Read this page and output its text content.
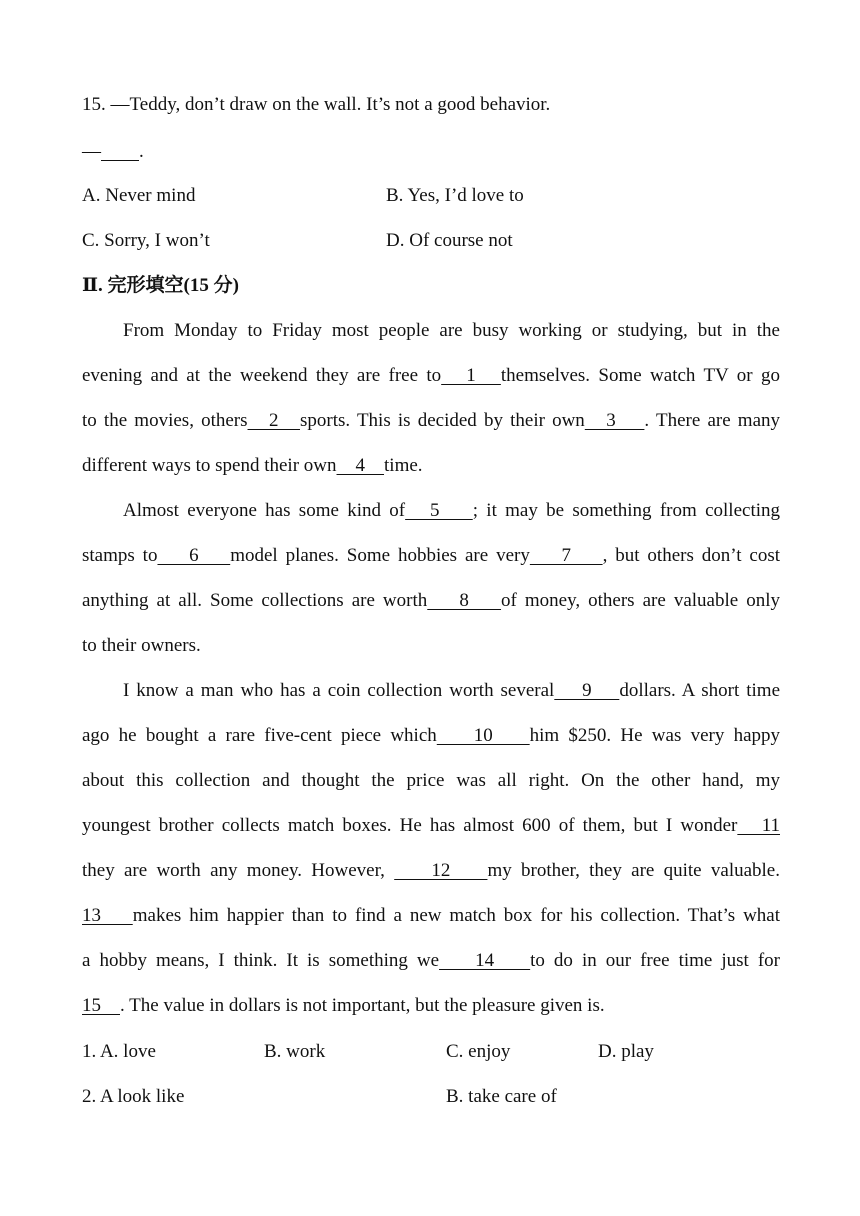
15. —Teddy, don’t draw on the wall. It’s not a good behavior.
— .
A. Never mind	B. Yes, I’d love to
C. Sorry, I won’t	D. Of course not
Ⅱ. 完形填空(15 分)
From Monday to Friday most people are busy working or studying, but in the
evening and at the weekend they are free to   1   themselves. Some watch TV or go
to the movies, others   2   sports. This is decided by their own   3    . There are many
different ways to spend their own    4    time.
Almost everyone has some kind of   5    ; it may be something from collecting
stamps to    6    model planes. Some hobbies are very    7    , but others don’t cost
anything at all. Some collections are worth    8    of money, others are valuable only
to their owners.
I know a man who has a coin collection worth several    9    dollars. A short time
ago he bought a rare five-cent piece which    10    him $250. He was very happy
about this collection and thought the price was all right. On the other hand, my
youngest brother collects match boxes. He has almost 600 of them, but I wonder   11
they are worth any money. However,     12    my brother, they are quite valuable.
13    makes him happier than to find a new match box for his collection. That’s what
a hobby means, I think. It is something we    14    to do in our free time just for
15    . The value in dollars is not important, but the pleasure given is.
1. A. love	B. work	C. enjoy	D. play
2. A look like	B. take care of
